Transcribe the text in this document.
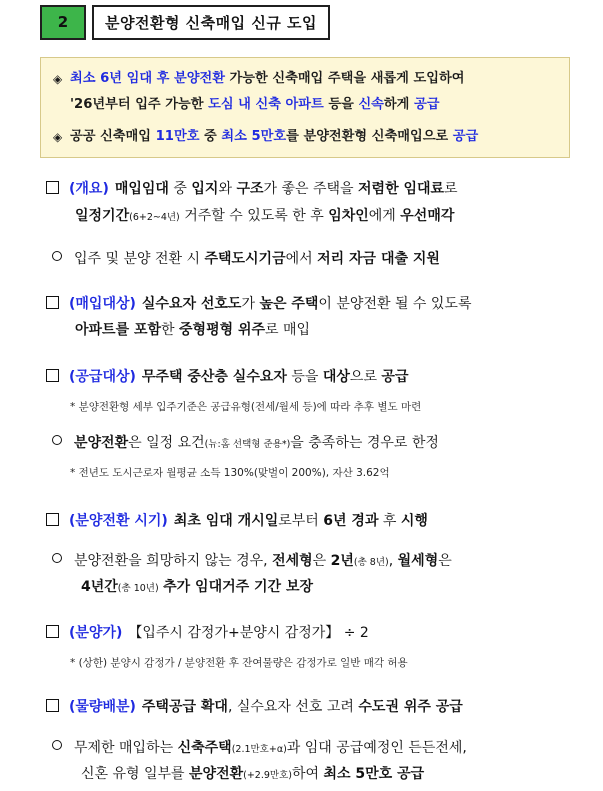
2 분양전환형 신축매입 신규 도입
◈ 최소 6년 임대 후 분양전환 가능한 신축매입 주택을 새롭게 도입하여
'26년부터 입주 가능한 도심 내 신축 아파트 등을 신속하게 공급
◈ 공공 신축매입 11만호 중 최소 5만호를 분양전환형 신축매입으로 공급
(개요) 매입임대 중 입지와 구조가 좋은 주택을 저렴한 임대료로
일정기간(6+2~4년) 거주할 수 있도록 한 후 임차인에게 우선매각
입주 및 분양 전환 시 주택도시기금에서 저리 자금 대출 지원
(매입대상) 실수요자 선호도가 높은 주택이 분양전환 될 수 있도록
아파트를 포함한 중형평형 위주로 매입
(공급대상) 무주택 중산층 실수요자 등을 대상으로 공급
* 분양전환형 세부 입주기준은 공급유형(전세/월세 등)에 따라 추후 별도 마련
분양전환은 일정 요건(뉴:홈 선택형 준용*)을 충족하는 경우로 한정
* 전년도 도시근로자 월평균 소득 130%(맞벌이 200%), 자산 3.62억
(분양전환 시기) 최초 임대 개시일로부터 6년 경과 후 시행
분양전환을 희망하지 않는 경우, 전세형은 2년(총 8년), 월세형은
4년간(총 10년) 추가 임대거주 기간 보장
(분양가) 【입주시 감정가+분양시 감정가】 ÷ 2
* (상한) 분양시 감정가 / 분양전환 후 잔여물량은 감정가로 일반 매각 허용
(물량배분) 주택공급 확대, 실수요자 선호 고려 수도권 위주 공급
무제한 매입하는 신축주택(2.1만호+α)과 임대 공급예정인 든든전세,
신혼 유형 일부를 분양전환(+2.9만호)하여 최소 5만호 공급
